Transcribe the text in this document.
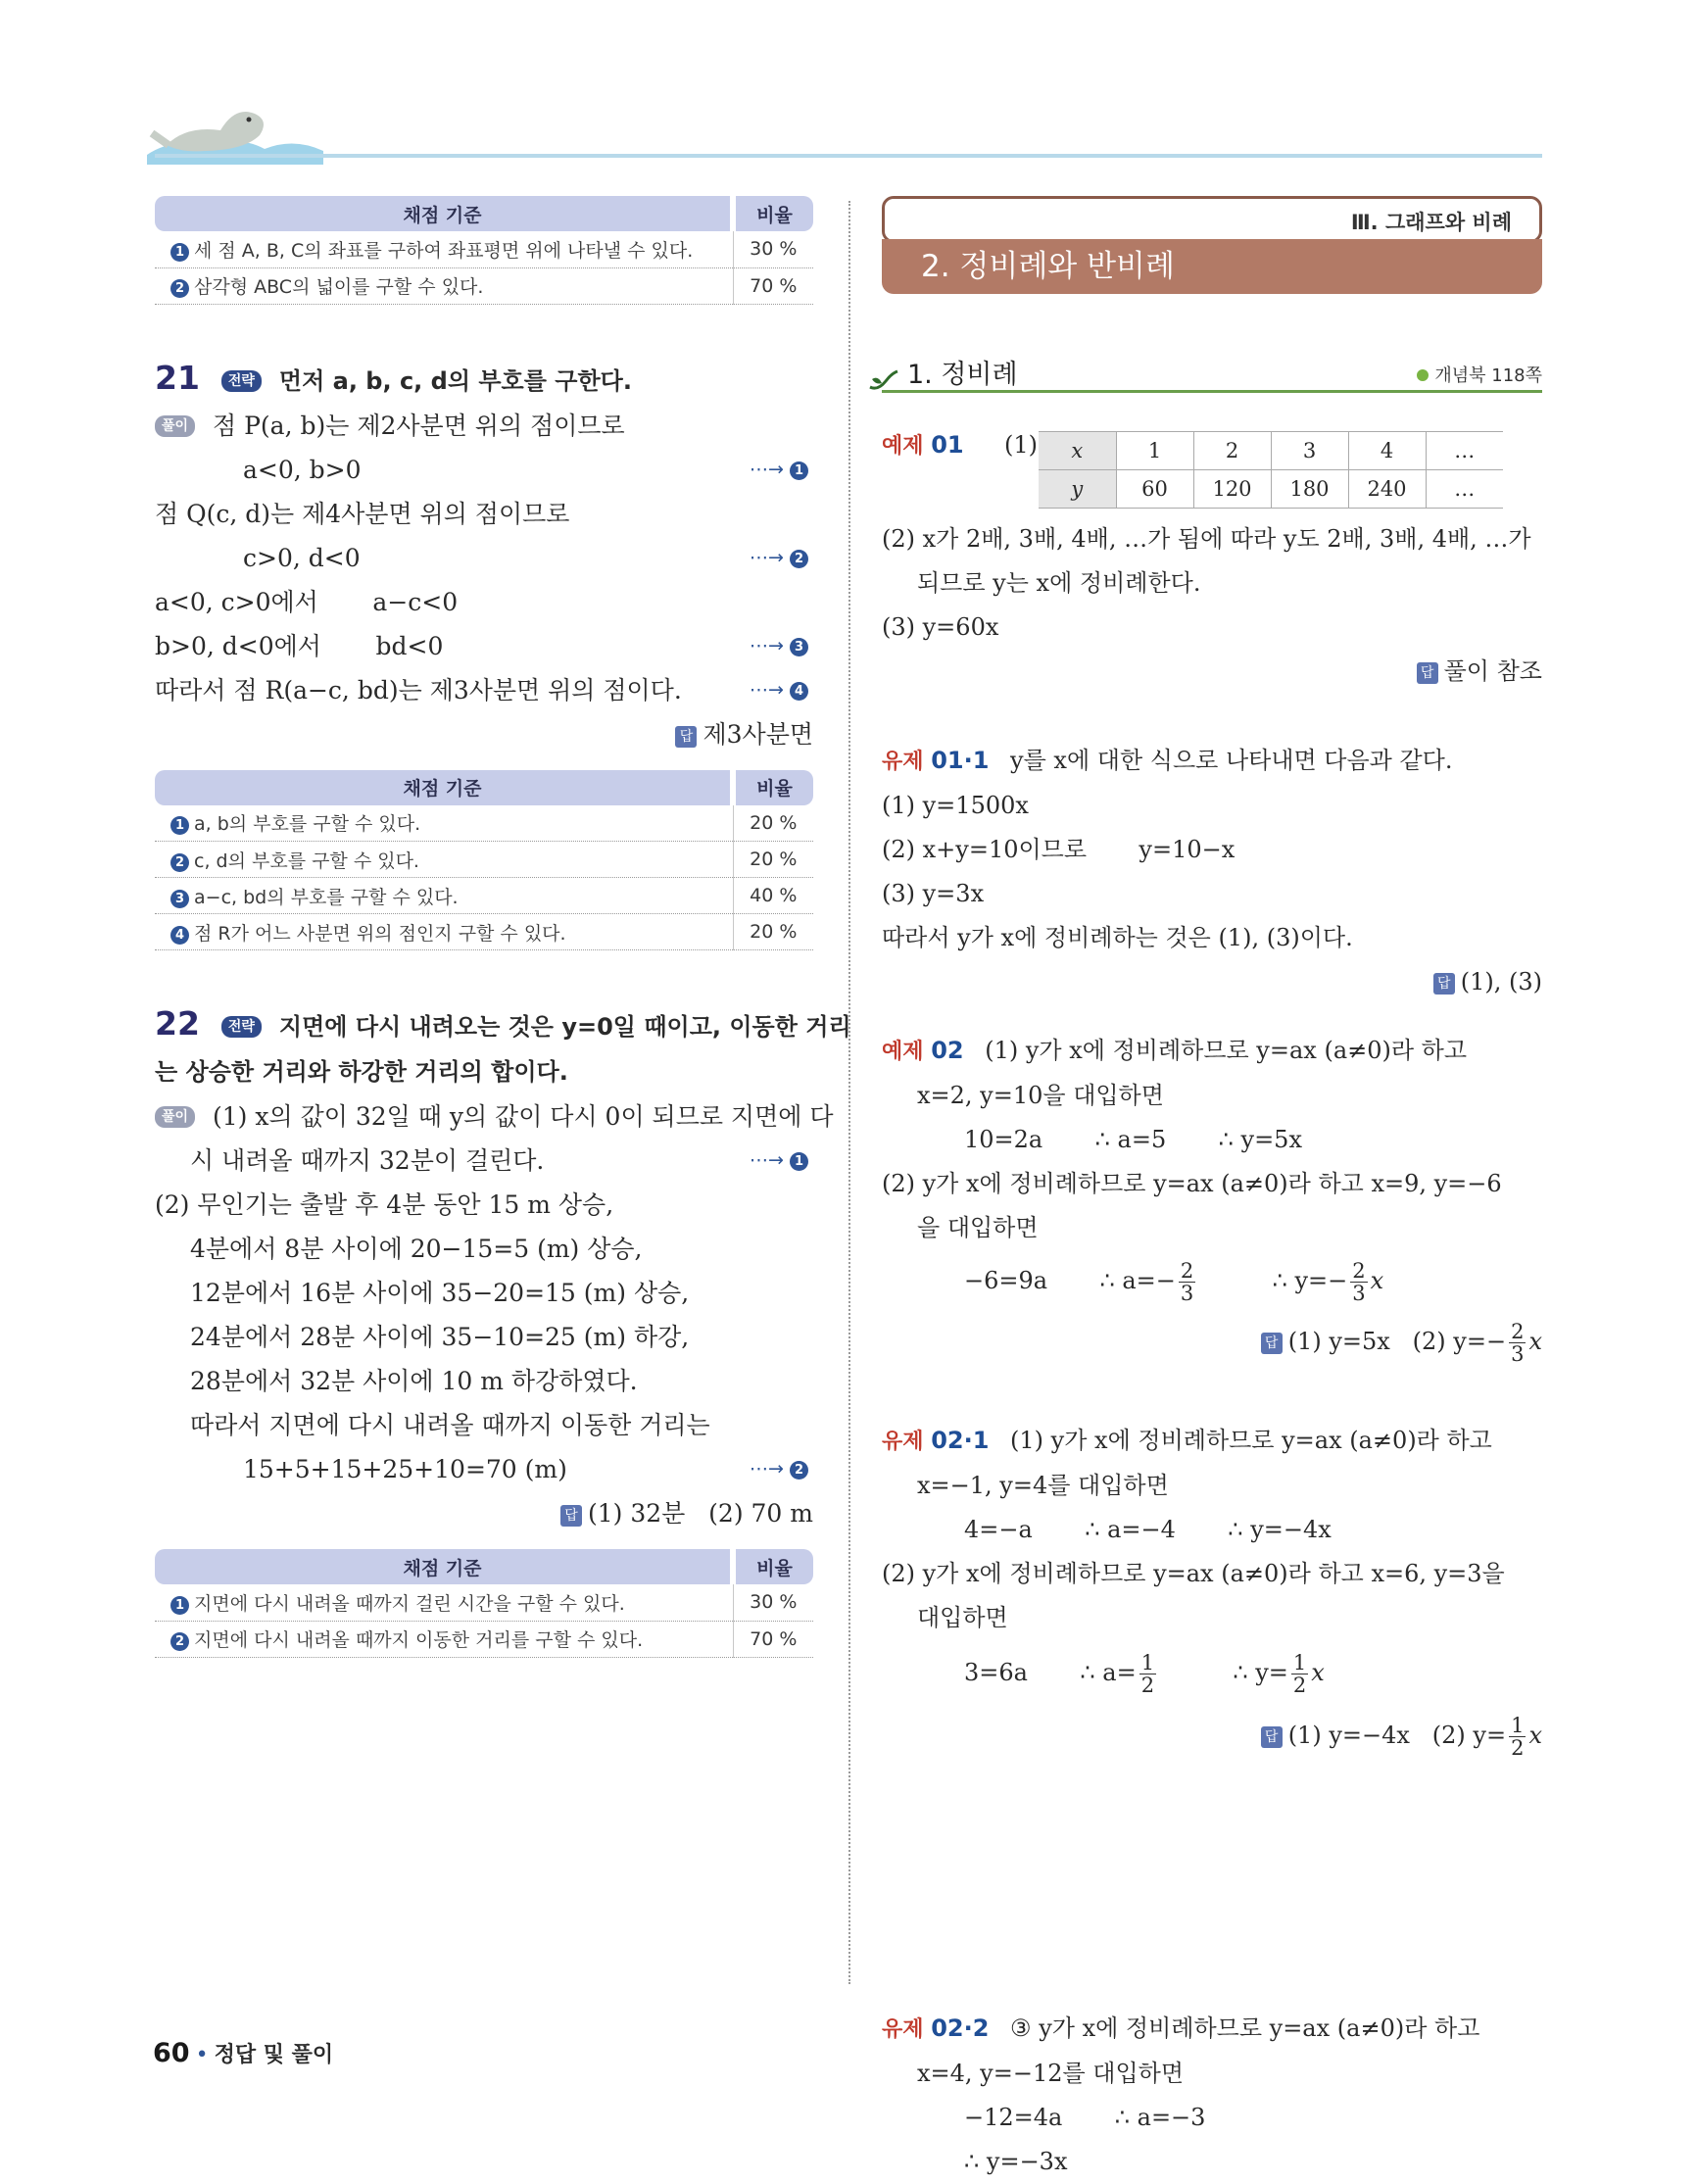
채점 기준	비율
1 세 점 A, B, C의 좌표를 구하여 좌표평면 위에 나타낼 수 있다.	30 %
2 삼각형 ABC의 넓이를 구할 수 있다.	70 %
21 전략 먼저 a, b, c, d의 부호를 구한다.
풀이 점 P(a, b)는 제2사분면 위의 점이므로
a<0, b>0	⋯→ 1
점 Q(c, d)는 제4사분면 위의 점이므로
c>0, d<0	⋯→ 2
a<0, c>0에서       a−c<0
b>0, d<0에서       bd<0	⋯→ 3
따라서 점 R(a−c, bd)는 제3사분면 위의 점이다.	⋯→ 4
답 제3사분면
채점 기준	비율
1 a, b의 부호를 구할 수 있다.	20 %
2 c, d의 부호를 구할 수 있다.	20 %
3 a−c, bd의 부호를 구할 수 있다.	40 %
4 점 R가 어느 사분면 위의 점인지 구할 수 있다.	20 %
22 전략 지면에 다시 내려오는 것은 y=0일 때이고, 이동한 거리
는 상승한 거리와 하강한 거리의 합이다.
풀이 (1) x의 값이 32일 때 y의 값이 다시 0이 되므로 지면에 다
시 내려올 때까지 32분이 걸린다.	⋯→ 1
(2) 무인기는 출발 후 4분 동안 15 m 상승,
4분에서 8분 사이에 20−15=5 (m) 상승,
12분에서 16분 사이에 35−20=15 (m) 상승,
24분에서 28분 사이에 35−10=25 (m) 하강,
28분에서 32분 사이에 10 m 하강하였다.
따라서 지면에 다시 내려올 때까지 이동한 거리는
15+5+15+25+10=70 (m)	⋯→ 2
답 (1) 32분   (2) 70 m
채점 기준	비율
1 지면에 다시 내려올 때까지 걸린 시간을 구할 수 있다.	30 %
2 지면에 다시 내려올 때까지 이동한 거리를 구할 수 있다.	70 %
Ⅲ. 그래프와 비례
2. 정비례와 반비례
1. 정비례	개념북 118쪽
예제 01 (1)
(2) x가 2배, 3배, 4배, …가 됨에 따라 y도 2배, 3배, 4배, …가
되므로 y는 x에 정비례한다.
(3) y=60x
답 풀이 참조
x	1	2	3	4	…
y	60	120	180	240	…
유제 01·1 y를 x에 대한 식으로 나타내면 다음과 같다.
(1) y=1500x
(2) x+y=10이므로       y=10−x
(3) y=3x
따라서 y가 x에 정비례하는 것은 (1), (3)이다.
답 (1), (3)
예제 02 (1) y가 x에 정비례하므로 y=ax (a≠0)라 하고
x=2, y=10을 대입하면
10=2a       ∴ a=5       ∴ y=5x
(2) y가 x에 정비례하므로 y=ax (a≠0)라 하고 x=9, y=−6
을 대입하면
−6=9a       ∴ $a=- \frac{2}{3}$	∴ $y=- \frac{2}{3}$ x
답 (1) y=5x   (2) $y=- \frac{2}{3}$ x
유제 02·1 (1) y가 x에 정비례하므로 y=ax (a≠0)라 하고
x=−1, y=4를 대입하면
4=−a       ∴ a=−4       ∴ y=−4x
(2) y가 x에 정비례하므로 y=ax (a≠0)라 하고 x=6, y=3을
대입하면
3=6a       ∴ $a= \frac{1}{2}$	∴ $y= \frac{1}{2}$ x
답 (1) y=−4x   (2) $y= \frac{1}{2}$ x
유제 02·2 ③ y가 x에 정비례하므로 y=ax (a≠0)라 하고
x=4, y=−12를 대입하면
−12=4a       ∴ a=−3
∴ y=−3x
60 • 정답 및 풀이
